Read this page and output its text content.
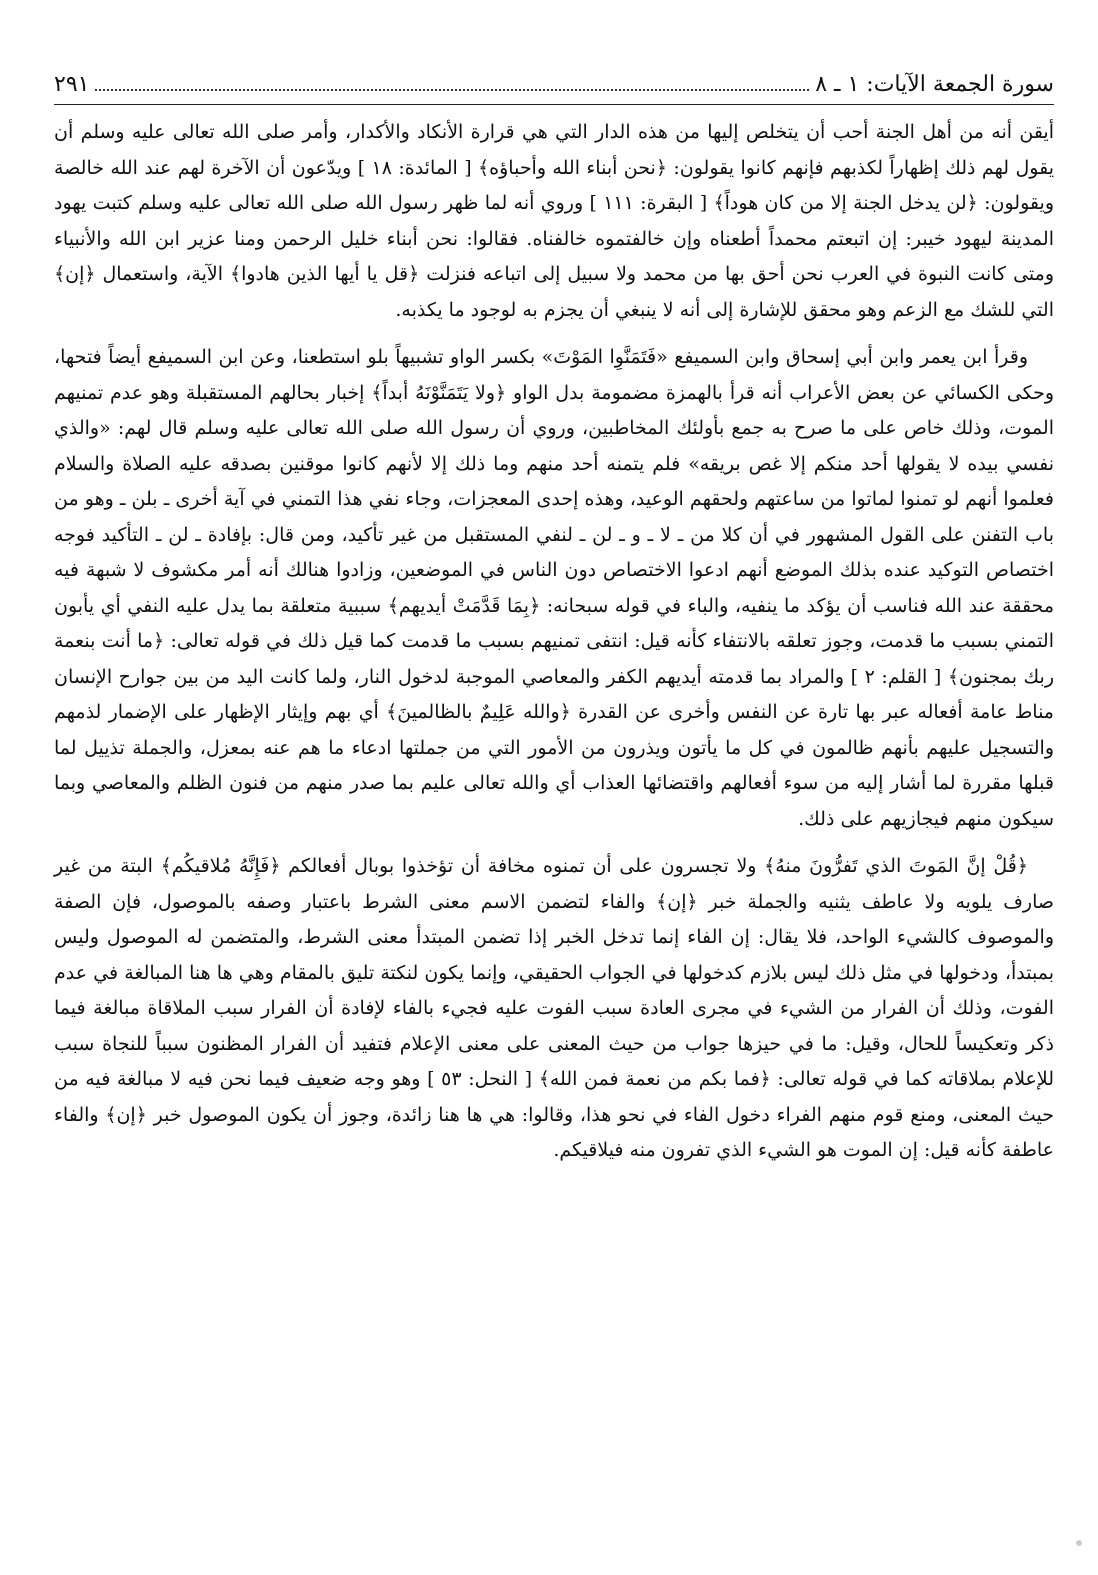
سورة الجمعة الآيات: ١ ـ ٨
٢٩١

أيقن أنه من أهل الجنة أحب أن يتخلص إليها من هذه الدار التي هي قرارة الأنكاد والأكدار، وأمر صلى الله تعالى عليه وسلم أن يقول لهم ذلك إظهاراً لكذبهم فإنهم كانوا يقولون: ﴿نحن أبناء الله وأحباؤه﴾ [ المائدة: ١٨ ] ويدّعون أن الآخرة لهم عند الله خالصة ويقولون: ﴿لن يدخل الجنة إلا من كان هوداً﴾ [ البقرة: ١١١ ] وروي أنه لما ظهر رسول الله صلى الله تعالى عليه وسلم كتبت يهود المدينة ليهود خيبر: إن اتبعتم محمداً أطعناه وإن خالفتموه خالفناه. فقالوا: نحن أبناء خليل الرحمن ومنا عزير ابن الله والأنبياء ومتى كانت النبوة في العرب نحن أحق بها من محمد ولا سبيل إلى اتباعه فنزلت ﴿قل يا أيها الذين هادوا﴾ الآية، واستعمال ﴿إن﴾ التي للشك مع الزعم وهو محقق للإشارة إلى أنه لا ينبغي أن يجزم به لوجود ما يكذبه.

وقرأ ابن يعمر وابن أبي إسحاق وابن السميفع «فَتَمَنَّوِا المَوْتَ» بكسر الواو تشبيهاً بلو استطعنا، وعن ابن السميفع أيضاً فتحها، وحكى الكسائي عن بعض الأعراب أنه قرأ بالهمزة مضمومة بدل الواو ﴿ولا يَتَمَنَّوْنَهُ أبداً﴾ إخبار بحالهم المستقبلة وهو عدم تمنيهم الموت، وذلك خاص على ما صرح به جمع بأولئك المخاطبين، وروي أن رسول الله صلى الله تعالى عليه وسلم قال لهم: «والذي نفسي بيده لا يقولها أحد منكم إلا غص بريقه» فلم يتمنه أحد منهم وما ذلك إلا لأنهم كانوا موقنين بصدقه عليه الصلاة والسلام فعلموا أنهم لو تمنوا لماتوا من ساعتهم ولحقهم الوعيد، وهذه إحدى المعجزات، وجاء نفي هذا التمني في آية أخرى ـ بلن ـ وهو من باب التفنن على القول المشهور في أن كلا من ـ لا ـ و ـ لن ـ لنفي المستقبل من غير تأكيد، ومن قال: بإفادة ـ لن ـ التأكيد فوجه اختصاص التوكيد عنده بذلك الموضع أنهم ادعوا الاختصاص دون الناس في الموضعين، وزادوا هنالك أنه أمر مكشوف لا شبهة فيه محققة عند الله فناسب أن يؤكد ما ينفيه، والباء في قوله سبحانه: ﴿بِمَا قَدَّمَتْ أيديهم﴾ سببية متعلقة بما يدل عليه النفي أي يأبون التمني بسبب ما قدمت، وجوز تعلقه بالانتفاء كأنه قيل: انتفى تمنيهم بسبب ما قدمت كما قيل ذلك في قوله تعالى: ﴿ما أنت بنعمة ربك بمجنون﴾ [ القلم: ٢ ] والمراد بما قدمته أيديهم الكفر والمعاصي الموجبة لدخول النار، ولما كانت اليد من بين جوارح الإنسان مناط عامة أفعاله عبر بها تارة عن النفس وأخرى عن القدرة ﴿والله عَلِيمٌ بالظالمينَ﴾ أي بهم وإيثار الإظهار على الإضمار لذمهم والتسجيل عليهم بأنهم ظالمون في كل ما يأتون ويذرون من الأمور التي من جملتها ادعاء ما هم عنه بمعزل، والجملة تذييل لما قبلها مقررة لما أشار إليه من سوء أفعالهم واقتضائها العذاب أي والله تعالى عليم بما صدر منهم من فنون الظلم والمعاصي وبما سيكون منهم فيجازيهم على ذلك.

﴿قُلْ إنَّ المَوتَ الذي تَفرُّونَ منهُ﴾ ولا تجسرون على أن تمنوه مخافة أن تؤخذوا بوبال أفعالكم ﴿فَإِنَّهُ مُلاقيكُم﴾ البتة من غير صارف يلويه ولا عاطف يثنيه والجملة خبر ﴿إن﴾ والفاء لتضمن الاسم معنى الشرط باعتبار وصفه بالموصول، فإن الصفة والموصوف كالشيء الواحد، فلا يقال: إن الفاء إنما تدخل الخبر إذا تضمن المبتدأ معنى الشرط، والمتضمن له الموصول وليس بمبتدأ، ودخولها في مثل ذلك ليس بلازم كدخولها في الجواب الحقيقي، وإنما يكون لنكتة تليق بالمقام وهي ها هنا المبالغة في عدم الفوت، وذلك أن الفرار من الشيء في مجرى العادة سبب الفوت عليه فجيء بالفاء لإفادة أن الفرار سبب الملاقاة مبالغة فيما ذكر وتعكيساً للحال، وقيل: ما في حيزها جواب من حيث المعنى على معنى الإعلام فتفيد أن الفرار المظنون سبباً للنجاة سبب للإعلام بملاقاته كما في قوله تعالى: ﴿فما بكم من نعمة فمن الله﴾ [ النحل: ٥٣ ] وهو وجه ضعيف فيما نحن فيه لا مبالغة فيه من حيث المعنى، ومنع قوم منهم الفراء دخول الفاء في نحو هذا، وقالوا: هي ها هنا زائدة، وجوز أن يكون الموصول خبر ﴿إن﴾ والفاء عاطفة كأنه قيل: إن الموت هو الشيء الذي تفرون منه فيلاقيكم.
